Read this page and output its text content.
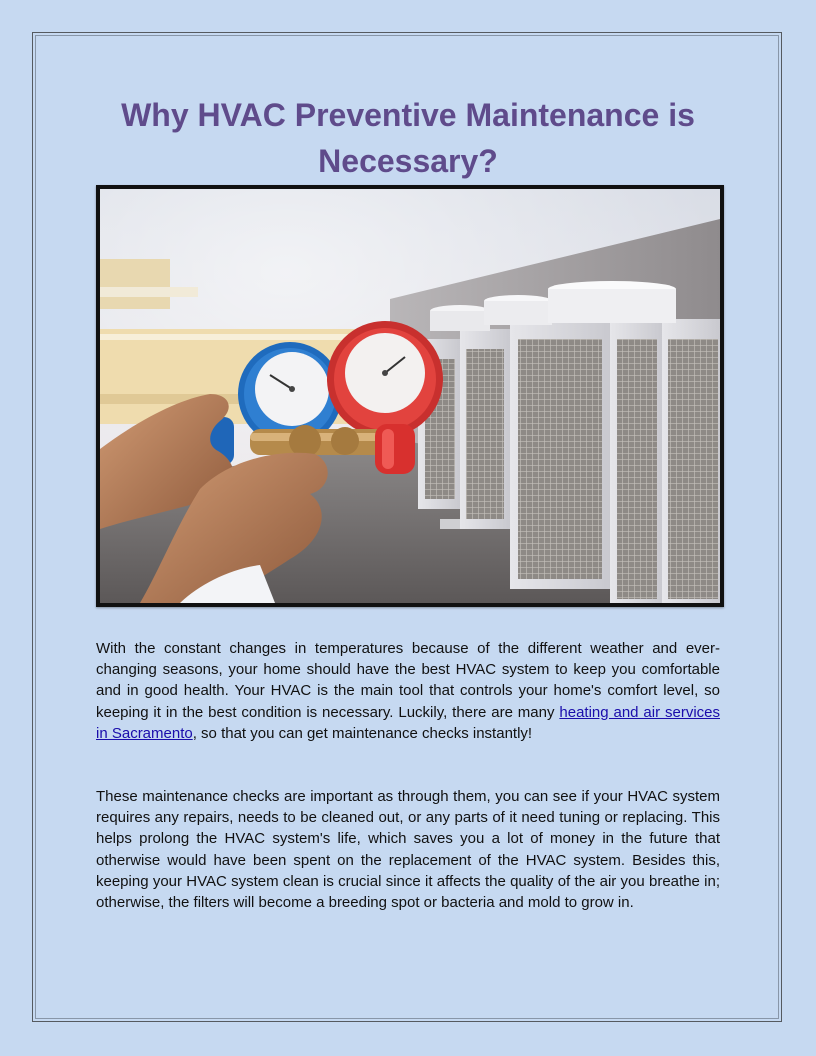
Why HVAC Preventive Maintenance is Necessary?

With the constant changes in temperatures because of the different weather and ever-changing seasons, your home should have the best HVAC system to keep you comfortable and in good health. Your HVAC is the main tool that controls your home's comfort level, so keeping it in the best condition is necessary. Luckily, there are many heating and air services in Sacramento, so that you can get maintenance checks instantly!

These maintenance checks are important as through them, you can see if your HVAC system requires any repairs, needs to be cleaned out, or any parts of it need tuning or replacing. This helps prolong the HVAC system's life, which saves you a lot of money in the future that otherwise would have been spent on the replacement of the HVAC system. Besides this, keeping your HVAC system clean is crucial since it affects the quality of the air you breathe in; otherwise, the filters will become a breeding spot or bacteria and mold to grow in.
